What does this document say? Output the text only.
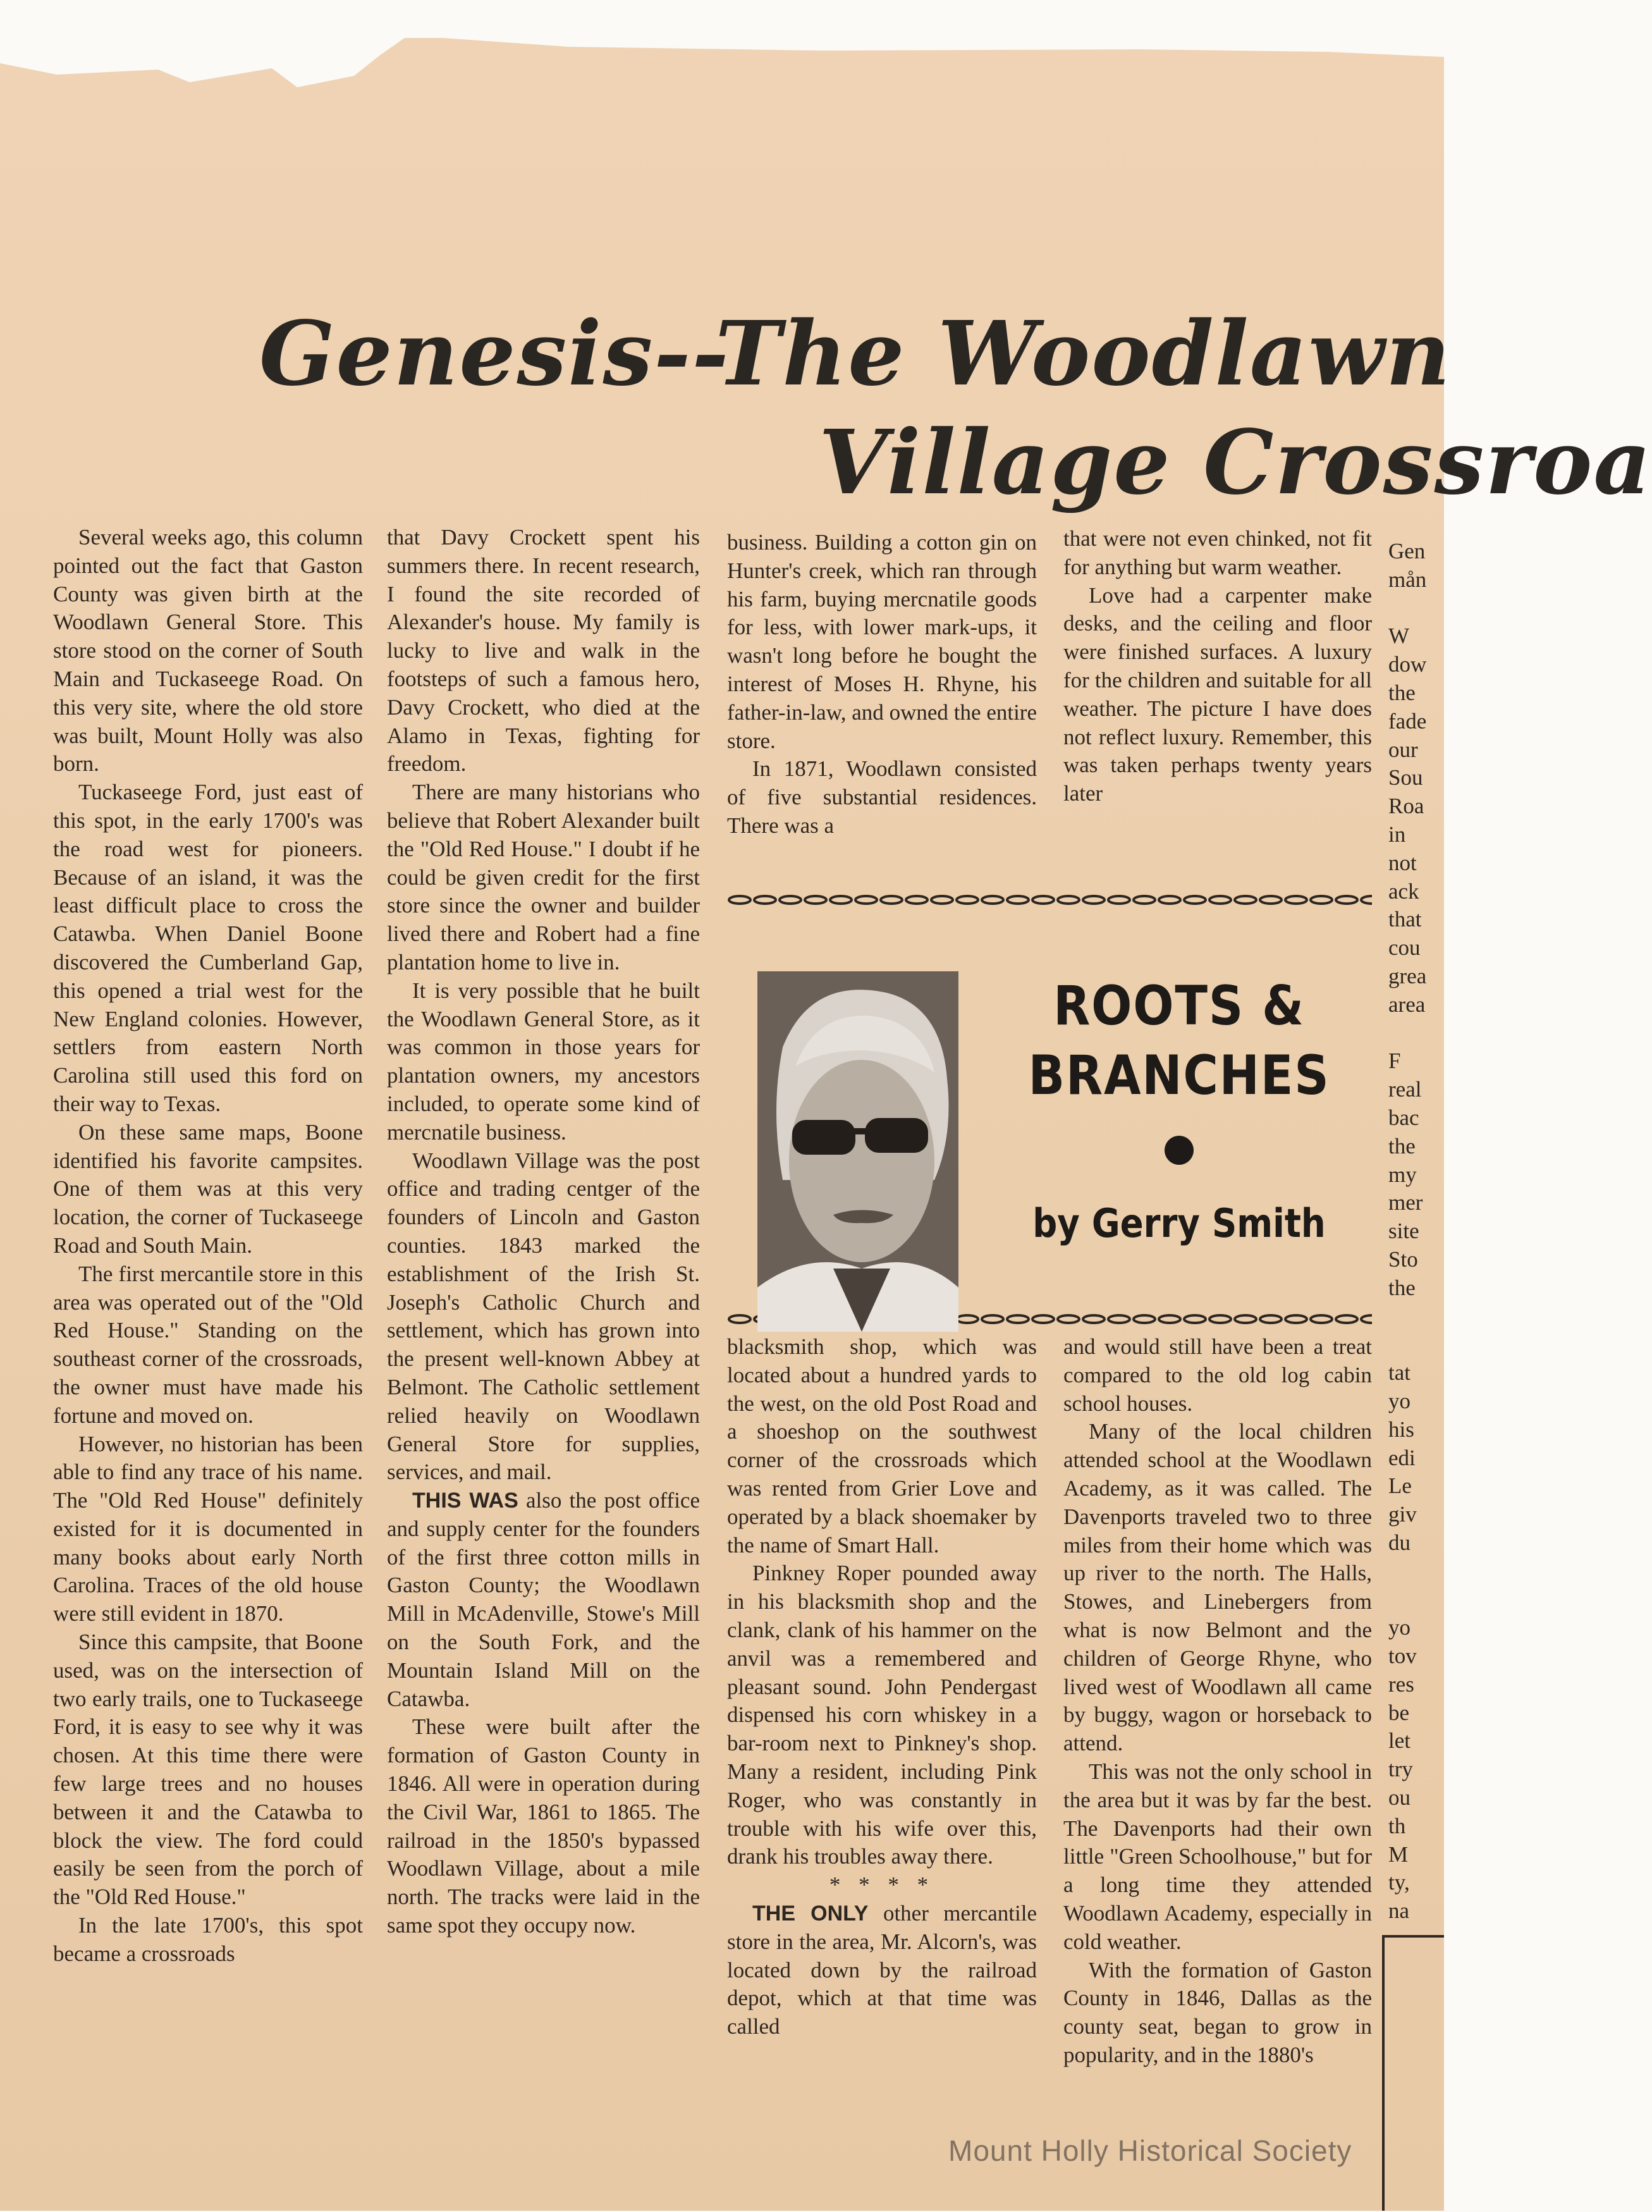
Genesis--The Woodlawn
Village Crossroa

Several weeks ago, this column pointed out the fact that Gaston County was given birth at the Woodlawn General Store. This store stood on the corner of South Main and Tuckaseege Road. On this very site, where the old store was built, Mount Holly was also born.

Tuckaseege Ford, just east of this spot, in the early 1700's was the road west for pioneers. Because of an island, it was the least difficult place to cross the Catawba. When Daniel Boone discovered the Cumberland Gap, this opened a trial west for the New England colonies. However, settlers from eastern North Carolina still used this ford on their way to Texas.

On these same maps, Boone identified his favorite campsites. One of them was at this very location, the corner of Tuckaseege Road and South Main.

The first mercantile store in this area was operated out of the "Old Red House." Standing on the southeast corner of the crossroads, the owner must have made his fortune and moved on.

However, no historian has been able to find any trace of his name. The "Old Red House" definitely existed for it is documented in many books about early North Carolina. Traces of the old house were still evident in 1870.

Since this campsite, that Boone used, was on the intersection of two early trails, one to Tuckaseege Ford, it is easy to see why it was chosen. At this time there were few large trees and no houses between it and the Catawba to block the view. The ford could easily be seen from the porch of the "Old Red House."

In the late 1700's, this spot became a crossroads

that Davy Crockett spent his summers there. In recent research, I found the site recorded of Alexander's house. My family is lucky to live and walk in the footsteps of such a famous hero, Davy Crockett, who died at the Alamo in Texas, fighting for freedom.

There are many historians who believe that Robert Alexander built the "Old Red House." I doubt if he could be given credit for the first store since the owner and builder lived there and Robert had a fine plantation home to live in.

It is very possible that he built the Woodlawn General Store, as it was common in those years for plantation owners, my ancestors included, to operate some kind of mercnatile business.

Woodlawn Village was the post office and trading centger of the founders of Lincoln and Gaston counties. 1843 marked the establishment of the Irish St. Joseph's Catholic Church and settlement, which has grown into the present well-known Abbey at Belmont. The Catholic settlement relied heavily on Woodlawn General Store for supplies, services, and mail.

THIS WAS also the post office and supply center for the founders of the first three cotton mills in Gaston County; the Woodlawn Mill in McAdenville, Stowe's Mill on the South Fork, and the Mountain Island Mill on the Catawba.

These were built after the formation of Gaston County in 1846. All were in operation during the Civil War, 1861 to 1865. The railroad in the 1850's bypassed Woodlawn Village, about a mile north. The tracks were laid in the same spot they occupy now.

business. Building a cotton gin on Hunter's creek, which ran through his farm, buying mercnatile goods for less, with lower mark-ups, it wasn't long before he bought the interest of Moses H. Rhyne, his father-in-law, and owned the entire store.

In 1871, Woodlawn consisted of five substantial residences. There was a

that were not even chinked, not fit for anything but warm weather.

Love had a carpenter make desks, and the ceiling and floor were finished surfaces. A luxury for the children and suitable for all weather. The picture I have does not reflect luxury. Remember, this was taken perhaps twenty years later

ROOTS &
BRANCHES
by Gerry Smith

blacksmith shop, which was located about a hundred yards to the west, on the old Post Road and a shoeshop on the southwest corner of the crossroads which was rented from Grier Love and operated by a black shoemaker by the name of Smart Hall.

Pinkney Roper pounded away in his blacksmith shop and the clank, clank of his hammer on the anvil was a remembered and pleasant sound. John Pendergast dispensed his corn whiskey in a bar-room next to Pinkney's shop. Many a resident, including Pink Roger, who was constantly in trouble with his wife over this, drank his troubles away there.

* * * *

THE ONLY other mercantile store in the area, Mr. Alcorn's, was located down by the railroad depot, which at that time was called

and would still have been a treat compared to the old log cabin school houses.

Many of the local children attended school at the Woodlawn Academy, as it was called. The Davenports traveled two to three miles from their home which was up river to the north. The Halls, Stowes, and Linebergers from what is now Belmont and the children of George Rhyne, who lived west of Woodlawn all came by buggy, wagon or horseback to attend.

This was not the only school in the area but it was by far the best. The Davenports had their own little "Green Schoolhouse," but for a long time they attended Woodlawn Academy, especially in cold weather.

With the formation of Gaston County in 1846, Dallas as the county seat, began to grow in popularity, and in the 1880's

Gen
mån
W
dow
the
fade
our
Sou
Roa
in
not
ack
that
cou
grea
area
F
real
bac
the
my
mer
site
Sto
the
tat
yo
his
edi
Le
giv
du
yo
tov
res
be
let
try
ou
th
M
ty,
na
Mount Holly Historical Society
